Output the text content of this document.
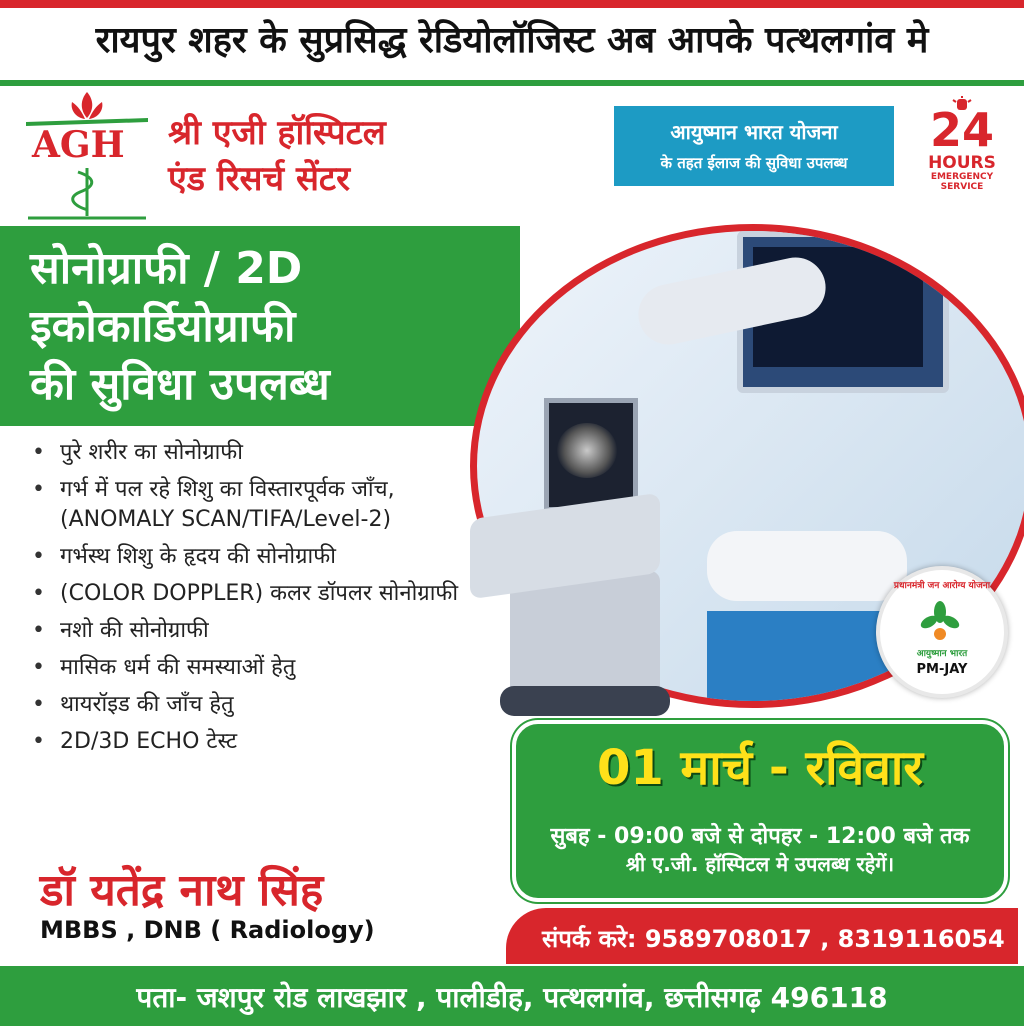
रायपुर शहर के सुप्रसिद्ध रेडियोलॉजिस्ट अब आपके पत्थलगांव मे
AGH श्री एजी हॉस्पिटल
एंड रिसर्च सेंटर
आयुष्मान भारत योजना
के तहत ईलाज की सुविधा उपलब्ध
24
HOURS
EMERGENCY
SERVICE
सोनोग्राफी / 2D
इकोकार्डियोग्राफी
की सुविधा उपलब्ध
• पुरे शरीर का सोनोग्राफी
• गर्भ में पल रहे शिशु का विस्तारपूर्वक जाँच, (ANOMALY SCAN/TIFA/Level-2)
• गर्भस्थ शिशु के हृदय की सोनोग्राफी
• (COLOR DOPPLER) कलर डॉपलर सोनोग्राफी
• नशो की सोनोग्राफी
• मासिक धर्म की समस्याओं हेतु
• थायरॉइड की जाँच हेतु
• 2D/3D ECHO टेस्ट
डॉ यतेंद्र नाथ सिंह
MBBS , DNB ( Radiology)
प्रधानमंत्री जन आरोग्य योजना
आयुष्मान भारत
PM-JAY
01 मार्च - रविवार
सुबह - 09:00 बजे से दोपहर - 12:00 बजे तक
श्री ए.जी. हॉस्पिटल मे उपलब्ध रहेगें।
संपर्क करे: 9589708017 , 8319116054
पता- जशपुर रोड लाखझार , पालीडीह, पत्थलगांव, छत्तीसगढ़ 496118
